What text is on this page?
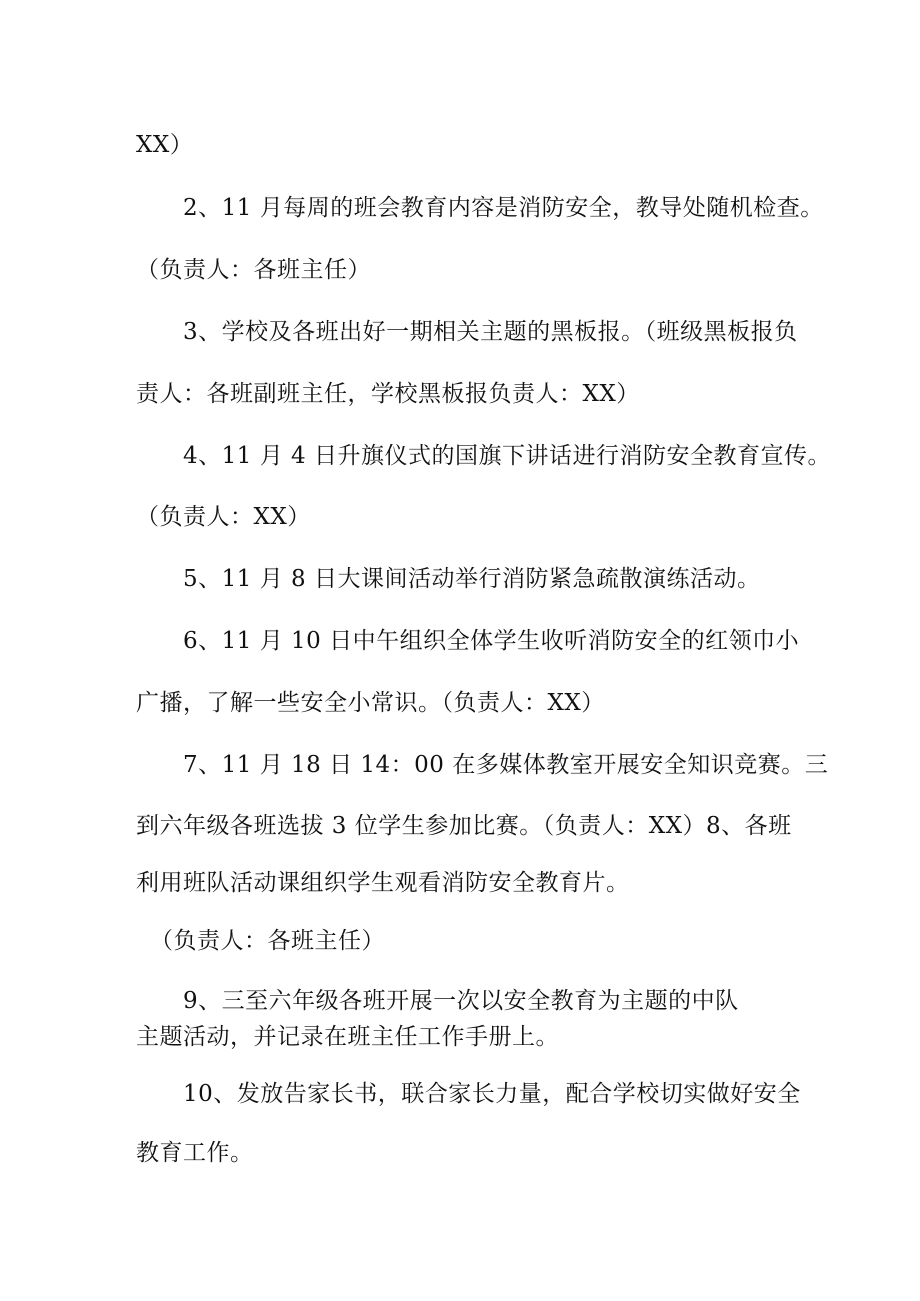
XX）

2、11 月每周的班会教育内容是消防安全，教导处随机检查。

（负责人：各班主任）

3、学校及各班出好一期相关主题的黑板报。（班级黑板报负

责人：各班副班主任，学校黑板报负责人：XX）

4、11 月 4 日升旗仪式的国旗下讲话进行消防安全教育宣传。

（负责人：XX）

5、11 月 8 日大课间活动举行消防紧急疏散演练活动。

6、11 月 10 日中午组织全体学生收听消防安全的红领巾小

广播，了解一些安全小常识。（负责人：XX）

7、11 月 18 日 14：00 在多媒体教室开展安全知识竞赛。三

到六年级各班选拔 3 位学生参加比赛。（负责人：XX）8、各班

利用班队活动课组织学生观看消防安全教育片。

（负责人：各班主任）

9、三至六年级各班开展一次以安全教育为主题的中队

主题活动，并记录在班主任工作手册上。

10、发放告家长书，联合家长力量，配合学校切实做好安全

教育工作。
